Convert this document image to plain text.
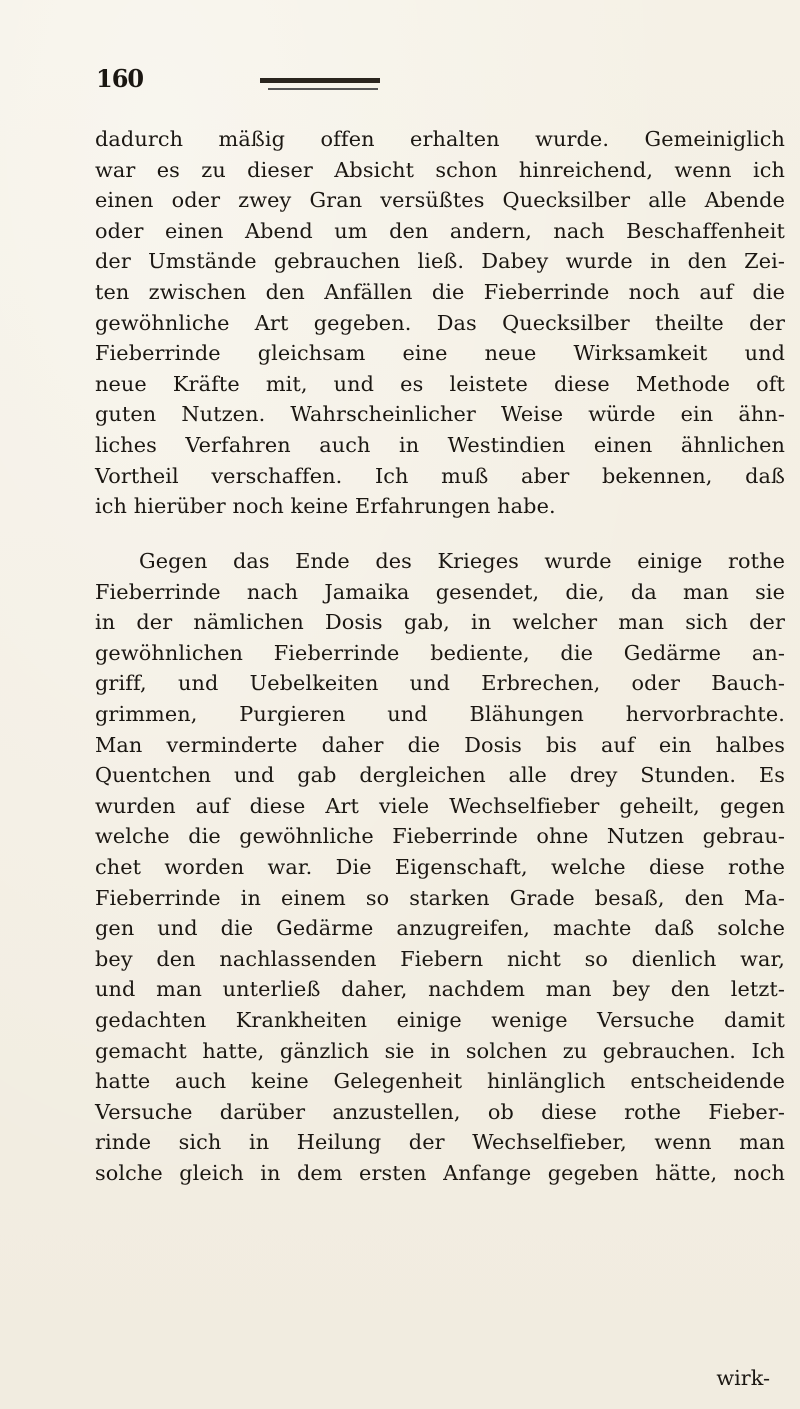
160
dadurch mäßig offen erhalten wurde. Gemeiniglich
war es zu dieser Absicht schon hinreichend, wenn ich
einen oder zwey Gran versüßtes Quecksilber alle Abende
oder einen Abend um den andern, nach Beschaffenheit
der Umstände gebrauchen ließ. Dabey wurde in den Zei-
ten zwischen den Anfällen die Fieberrinde noch auf die
gewöhnliche Art gegeben. Das Quecksilber theilte der
Fieberrinde gleichsam eine neue Wirksamkeit und
neue Kräfte mit, und es leistete diese Methode oft
guten Nutzen. Wahrscheinlicher Weise würde ein ähn-
liches Verfahren auch in Westindien einen ähnlichen
Vortheil verschaffen. Ich muß aber bekennen, daß
ich hierüber noch keine Erfahrungen habe.
Gegen das Ende des Krieges wurde einige rothe
Fieberrinde nach Jamaika gesendet, die, da man sie
in der nämlichen Dosis gab, in welcher man sich der
gewöhnlichen Fieberrinde bediente, die Gedärme an-
griff, und Uebelkeiten und Erbrechen, oder Bauch-
grimmen, Purgieren und Blähungen hervorbrachte.
Man verminderte daher die Dosis bis auf ein halbes
Quentchen und gab dergleichen alle drey Stunden. Es
wurden auf diese Art viele Wechselfieber geheilt, gegen
welche die gewöhnliche Fieberrinde ohne Nutzen gebrau-
chet worden war. Die Eigenschaft, welche diese rothe
Fieberrinde in einem so starken Grade besaß, den Ma-
gen und die Gedärme anzugreifen, machte daß solche
bey den nachlassenden Fiebern nicht so dienlich war,
und man unterließ daher, nachdem man bey den letzt-
gedachten Krankheiten einige wenige Versuche damit
gemacht hatte, gänzlich sie in solchen zu gebrauchen. Ich
hatte auch keine Gelegenheit hinlänglich entscheidende
Versuche darüber anzustellen, ob diese rothe Fieber-
rinde sich in Heilung der Wechselfieber, wenn man
solche gleich in dem ersten Anfange gegeben hätte, noch
wirk-
